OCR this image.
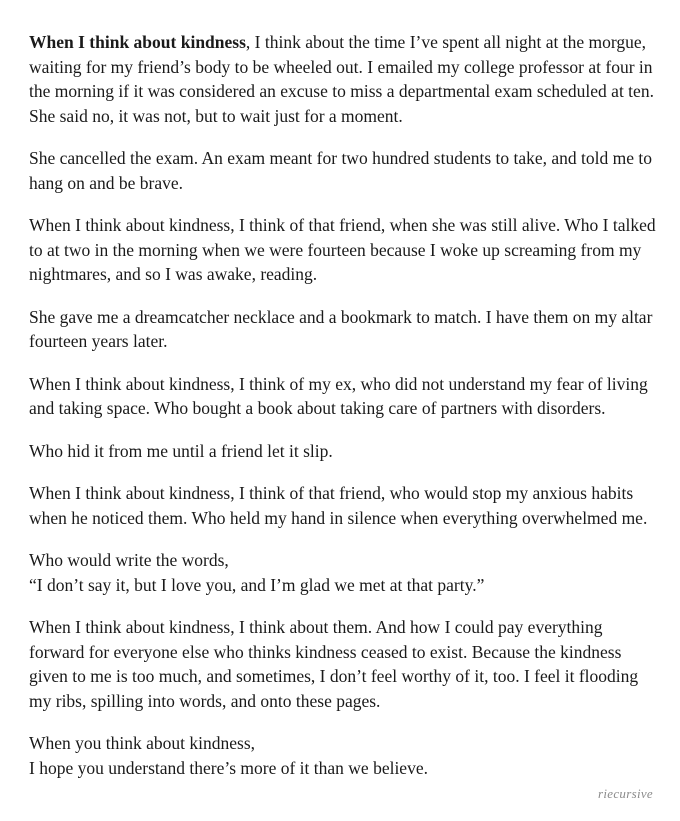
When I think about kindness, I think about the time I’ve spent all night at the morgue, waiting for my friend’s body to be wheeled out. I emailed my college professor at four in the morning if it was considered an excuse to miss a departmental exam scheduled at ten. She said no, it was not, but to wait just for a moment.

She cancelled the exam. An exam meant for two hundred students to take, and told me to hang on and be brave.

When I think about kindness, I think of that friend, when she was still alive. Who I talked to at two in the morning when we were fourteen because I woke up screaming from my nightmares, and so I was awake, reading.

She gave me a dreamcatcher necklace and a bookmark to match. I have them on my altar fourteen years later.

When I think about kindness, I think of my ex, who did not understand my fear of living and taking space. Who bought a book about taking care of partners with disorders.

Who hid it from me until a friend let it slip.

When I think about kindness, I think of that friend, who would stop my anxious habits when he noticed them. Who held my hand in silence when everything overwhelmed me.

Who would write the words,
“I don’t say it, but I love you, and I’m glad we met at that party.”

When I think about kindness, I think about them. And how I could pay everything forward for everyone else who thinks kindness ceased to exist. Because the kindness given to me is too much, and sometimes, I don’t feel worthy of it, too. I feel it flooding my ribs, spilling into words, and onto these pages.

When you think about kindness,
I hope you understand there’s more of it than we believe.

riecursive
